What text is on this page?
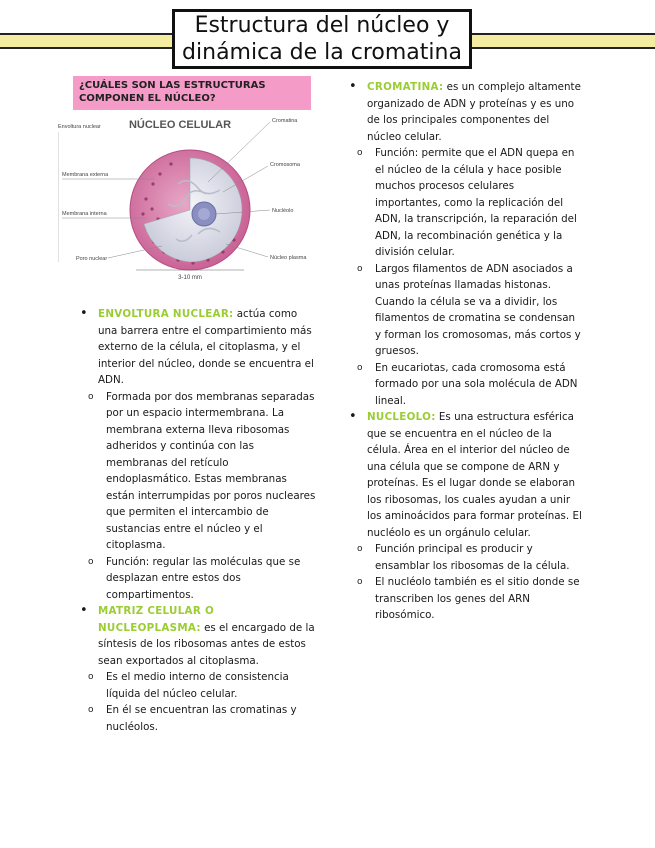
Estructura del núcleo y
dinámica de la cromatina
¿CUÁLES SON LAS ESTRUCTURAS COMPONEN EL NÚCLEO?
NÚCLEO CELULAR
Envoltura nuclear
Membrana externa
Membrana interna
Poro nuclear
Cromatina
Cromosoma
Nucléolo
Núcleo plasma
3-10 mm
• ENVOLTURA NUCLEAR: actúa como una barrera entre el compartimiento más externo de la célula, el citoplasma, y el interior del núcleo, donde se encuentra el ADN.
o Formada por dos membranas separadas por un espacio intermembrana. La membrana externa lleva ribosomas adheridos y continúa con las membranas del retículo endoplasmático. Estas membranas están interrumpidas por poros nucleares que permiten el intercambio de sustancias entre el núcleo y el citoplasma.
o Función: regular las moléculas que se desplazan entre estos dos compartimentos.
• MATRIZ CELULAR O NUCLEOPLASMA: es el encargado de la síntesis de los ribosomas antes de estos sean exportados al citoplasma.
o Es el medio interno de consistencia líquida del núcleo celular.
o En él se encuentran las cromatinas y nucléolos.
• CROMATINA: es un complejo altamente organizado de ADN y proteínas y es uno de los principales componentes del núcleo celular.
o Función: permite que el ADN quepa en el núcleo de la célula y hace posible muchos procesos celulares importantes, como la replicación del ADN, la transcripción, la reparación del ADN, la recombinación genética y la división celular.
o Largos filamentos de ADN asociados a unas proteínas llamadas histonas. Cuando la célula se va a dividir, los filamentos de cromatina se condensan y forman los cromosomas, más cortos y gruesos.
o En eucariotas, cada cromosoma está formado por una sola molécula de ADN lineal.
• NUCLEOLO: Es una estructura esférica que se encuentra en el núcleo de la célula. Área en el interior del núcleo de una célula que se compone de ARN y proteínas. Es el lugar donde se elaboran los ribosomas, los cuales ayudan a unir los aminoácidos para formar proteínas. El nucléolo es un orgánulo celular.
o Función principal es producir y ensamblar los ribosomas de la célula.
o El nucléolo también es el sitio donde se transcriben los genes del ARN ribosómico.
